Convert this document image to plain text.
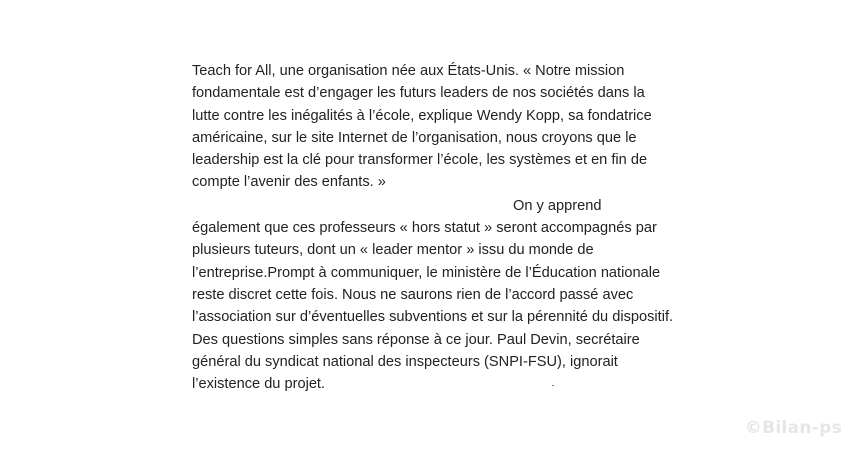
Teach for All, une organisation née aux États-Unis. « Notre mission
fondamentale est d’engager les futurs leaders de nos sociétés dans la
lutte contre les inégalités à l’école, explique Wendy Kopp, sa fondatrice
américaine, sur le site Internet de l’organisation, nous croyons que le
leadership est la clé pour transformer l’école, les systèmes et en fin de
compte l’avenir des enfants. »

On y apprend
également que ces professeurs « hors statut » seront accompagnés par
plusieurs tuteurs, dont un « leader mentor » issu du monde de
l’entreprise.Prompt à communiquer, le ministère de l’Éducation nationale
reste discret cette fois. Nous ne saurons rien de l’accord passé avec
l’association sur d’éventuelles subventions et sur la pérennité du dispositif.
Des questions simples sans réponse à ce jour. Paul Devin, secrétaire
général du syndicat national des inspecteurs (SNPI-FSU), ignorait
l’existence du projet.

©Bilan-ps
